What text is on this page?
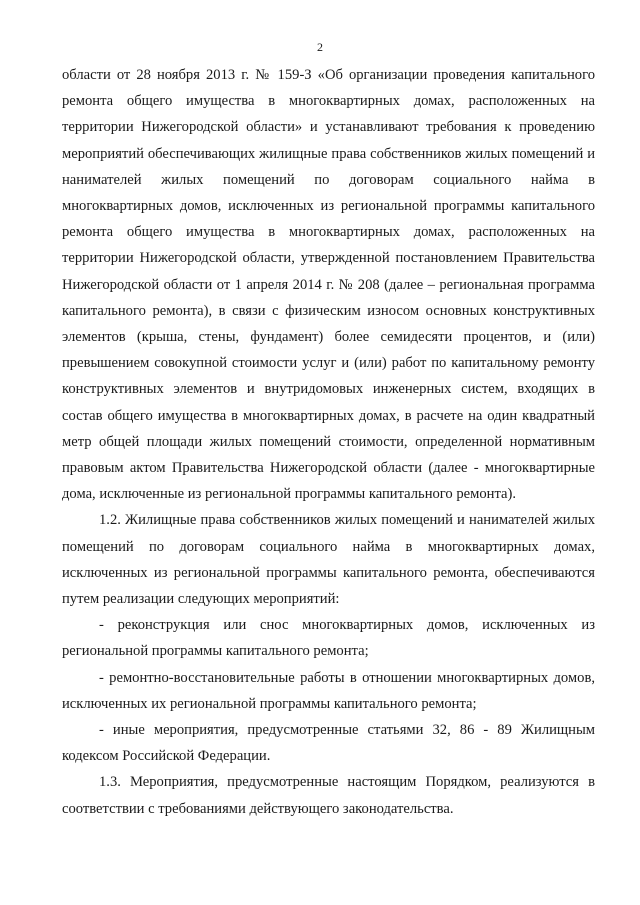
2

области от 28 ноября 2013 г. № 159-З «Об организации проведения капитального ремонта общего имущества в многоквартирных домах, расположенных на территории Нижегородской области» и устанавливают требования к проведению мероприятий обеспечивающих жилищные права собственников жилых помещений и нанимателей жилых помещений по договорам социального найма в многоквартирных домов, исключенных из региональной программы капитального ремонта общего имущества в многоквартирных домах, расположенных на территории Нижегородской области, утвержденной постановлением Правительства Нижегородской области от 1 апреля 2014 г. № 208 (далее – региональная программа капитального ремонта), в связи с физическим износом основных конструктивных элементов (крыша, стены, фундамент) более семидесяти процентов, и (или) превышением совокупной стоимости услуг и (или) работ по капитальному ремонту конструктивных элементов и внутридомовых инженерных систем, входящих в состав общего имущества в многоквартирных домах, в расчете на один квадратный метр общей площади жилых помещений стоимости, определенной нормативным правовым актом Правительства Нижегородской области (далее - многоквартирные дома, исключенные из региональной программы капитального ремонта).

1.2. Жилищные права собственников жилых помещений и нанимателей жилых помещений по договорам социального найма в многоквартирных домах, исключенных из региональной программы капитального ремонта, обеспечиваются путем реализации следующих мероприятий:

- реконструкция или снос многоквартирных домов, исключенных из региональной программы капитального ремонта;

- ремонтно-восстановительные работы в отношении многоквартирных домов, исключенных их региональной программы капитального ремонта;

- иные мероприятия, предусмотренные статьями 32, 86 - 89 Жилищным кодексом Российской Федерации.

1.3. Мероприятия, предусмотренные настоящим Порядком, реализуются в соответствии с требованиями действующего законодательства.
